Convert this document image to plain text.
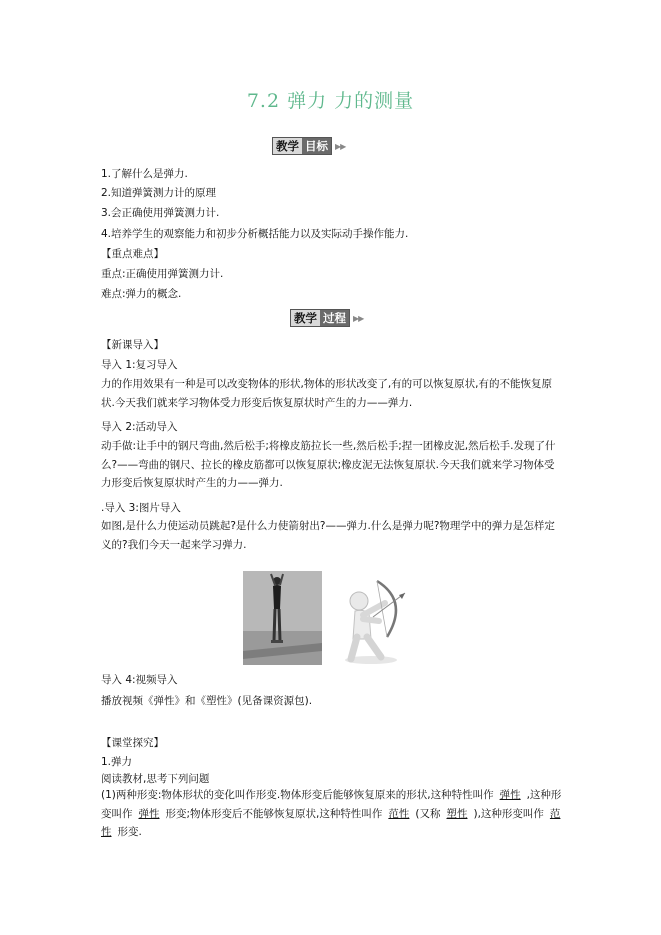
7.2 弹力 力的测量
教学 目标 ▶▶
1.了解什么是弹力.
2.知道弹簧测力计的原理
3.会正确使用弹簧测力计.
4.培养学生的观察能力和初步分析概括能力以及实际动手操作能力.
【重点难点】
重点:正确使用弹簧测力计.
难点:弹力的概念.
教学 过程 ▶▶
【新课导入】
导入 1:复习导入
力的作用效果有一种是可以改变物体的形状,物体的形状改变了,有的可以恢复原状,有的不能恢复原状.今天我们就来学习物体受力形变后恢复原状时产生的力——弹力.
导入 2:活动导入
动手做:让手中的钢尺弯曲,然后松手;将橡皮筋拉长一些,然后松手;捏一团橡皮泥,然后松手.发现了什么?——弯曲的钢尺、拉长的橡皮筋都可以恢复原状;橡皮泥无法恢复原状.今天我们就来学习物体受力形变后恢复原状时产生的力——弹力.
.导入 3:图片导入
如图,是什么力使运动员跳起?是什么力使箭射出?——弹力.什么是弹力呢?物理学中的弹力是怎样定义的?我们今天一起来学习弹力.
导入 4:视频导入
播放视频《弹性》和《塑性》(见备课资源包).
【课堂探究】
1.弹力
阅读教材,思考下列问题
(1)两种形变:物体形状的变化叫作形变.物体形变后能够恢复原来的形状,这种特性叫作 弹性 ,这种形变叫作 弹性 形变;物体形变后不能够恢复原状,这种特性叫作 范性 (又称 塑性 ),这种形变叫作 范性 形变.
